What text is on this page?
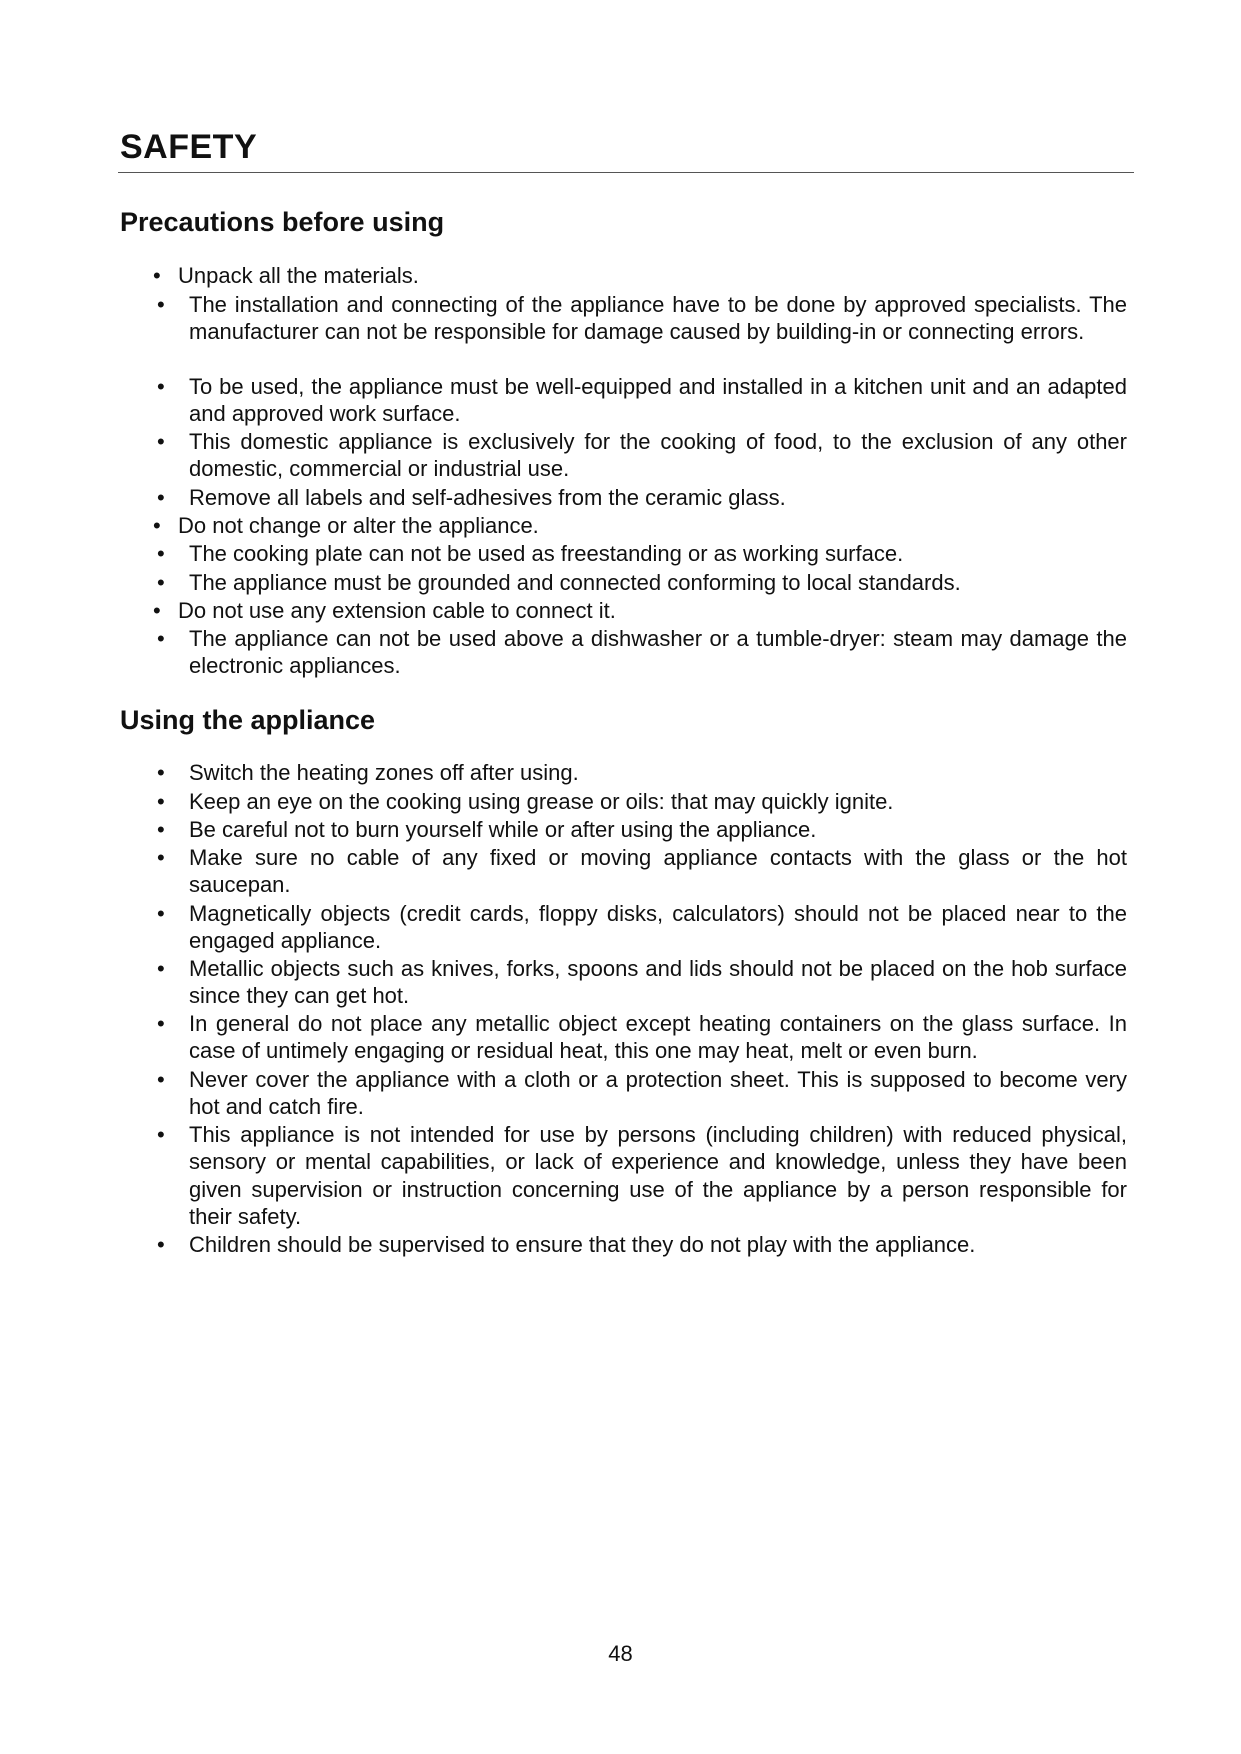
SAFETY
Precautions before using
• Unpack all the materials.
• The installation and connecting of the appliance have to be done by approved specialists. The manufacturer can not be responsible for damage caused by building-in or connecting errors.
• To be used, the appliance must be well-equipped and installed in a kitchen unit and an adapted and approved work surface.
• This domestic appliance is exclusively for the cooking of food, to the exclusion of any other domestic, commercial or industrial use.
• Remove all labels and self-adhesives from the ceramic glass.
• Do not change or alter the appliance.
• The cooking plate can not be used as freestanding or as working surface.
• The appliance must be grounded and connected conforming to local standards.
• Do not use any extension cable to connect it.
• The appliance can not be used above a dishwasher or a tumble-dryer: steam may damage the electronic appliances.
Using the appliance
• Switch the heating zones off after using.
• Keep an eye on the cooking using grease or oils: that may quickly ignite.
• Be careful not to burn yourself while or after using the appliance.
• Make sure no cable of any fixed or moving appliance contacts with the glass or the hot saucepan.
• Magnetically objects (credit cards, floppy disks, calculators) should not be placed near to the engaged appliance.
• Metallic objects such as knives, forks, spoons and lids should not be placed on the hob surface since they can get hot.
• In general do not place any metallic object except heating containers on the glass surface. In case of untimely engaging or residual heat, this one may heat, melt or even burn.
• Never cover the appliance with a cloth or a protection sheet. This is supposed to become very hot and catch fire.
• This appliance is not intended for use by persons (including children) with reduced physical, sensory or mental capabilities, or lack of experience and knowledge, unless they have been given supervision or instruction concerning use of the appliance by a person responsible for their safety.
• Children should be supervised to ensure that they do not play with the appliance.
48
